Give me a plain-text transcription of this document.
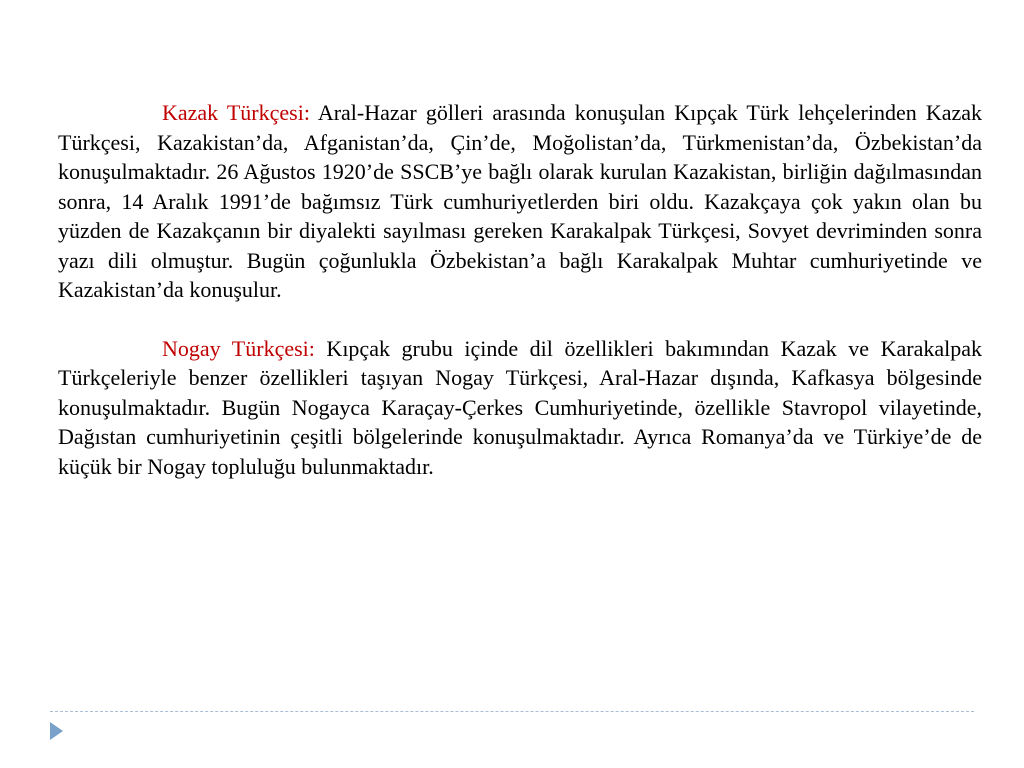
Kazak Türkçesi: Aral-Hazar gölleri arasında konuşulan Kıpçak Türk lehçelerinden Kazak Türkçesi, Kazakistan’da, Afganistan’da, Çin’de, Moğolistan’da, Türkmenistan’da, Özbekistan’da konuşulmaktadır. 26 Ağustos 1920’de SSCB’ye bağlı olarak kurulan Kazakistan, birliğin dağılmasından sonra, 14 Aralık 1991’de bağımsız Türk cumhuriyetlerden biri oldu. Kazakçaya çok yakın olan bu yüzden de Kazakçanın bir diyalekti sayılması gereken Karakalpak Türkçesi, Sovyet devriminden sonra yazı dili olmuştur. Bugün çoğunlukla Özbekistan’a bağlı Karakalpak Muhtar cumhuriyetinde ve Kazakistan’da konuşulur.

Nogay Türkçesi: Kıpçak grubu içinde dil özellikleri bakımından Kazak ve Karakalpak Türkçeleriyle benzer özellikleri taşıyan Nogay Türkçesi, Aral-Hazar dışında, Kafkasya bölgesinde konuşulmaktadır. Bugün Nogayca Karaçay-Çerkes Cumhuriyetinde, özellikle Stavropol vilayetinde, Dağıstan cumhuriyetinin çeşitli bölgelerinde konuşulmaktadır. Ayrıca Romanya’da ve Türkiye’de de küçük bir Nogay topluluğu bulunmaktadır.
